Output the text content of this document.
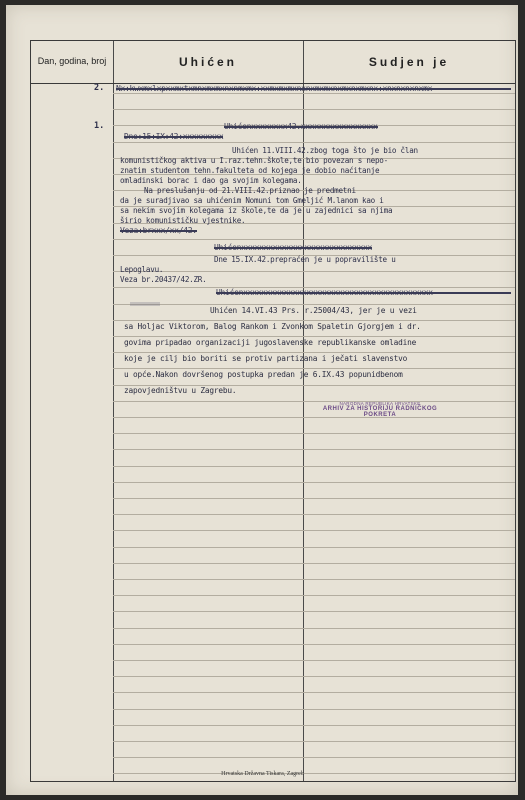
Dan, godina, broj	Uhićen	Sudjen je
2. Nx:kwxmxlxpxxmxtxmnxmxmxnxnmxmx:xxmxmxmxnxnxmxmxnxmxnxmxnx:xnxnxnxnxmx
1.	Uhićenxxxxxxxx42.xxxxxxxxxxxxxxxxx
Dne:15:IX:42:xxxxxxxxx
Uhićen 11.VIII.42.zbog toga što je bio član
komunističkog aktiva u I.raz.tehn.škole,te bio povezan s nepo-
znatim studentom tehn.fakulteta od kojega je dobio naćitanje
omladinski borac i dao ga svojim kolegama.
Na preslušanju od 21.VIII.42.priznao je predmetni
da je suradjivao sa uhićenim Nomuni tom Gmeljić M.lanom kao i
sa nekim svojim kolegama iz škole,te da je u zajednici sa njima
širio komunističku vjestnike.
Veza:brxxx/xx/42.
Uhićenxxxxxxxxxxxxxxxxxxxxxxxxxxxxx
Dne 15.IX.42.prepraćen je u popravilište u
Lepoglavu.
Veza br.20437/42.ZR.
Uhićenxxxxxxxxxxxxxxxxxxxxxxxxxxxxxxxxxxxxxxxxxx
Uhićen 14.VI.43 Prs. r.25004/43, jer je u vezi
sa Holjac Viktorom, Balog Rankom i Zvonkom Spaletin Gjorgjem i dr.
govima pripadao organizaciji jugoslavenske republikanske omladine
koje je cilj bio boriti se protiv partizana i ječati slavenstvo
u opće.Nakon dovršenog postupka predan je 6.IX.43 popunidbenom
zapovjedništvu u Zagrebu.
NARODNA REPUBLIKA HRVATSKE
ARHIV ZA HISTORIJU RADNIČKOG POKRETA
Hrvatska Državna Tiskara, Zagreb
